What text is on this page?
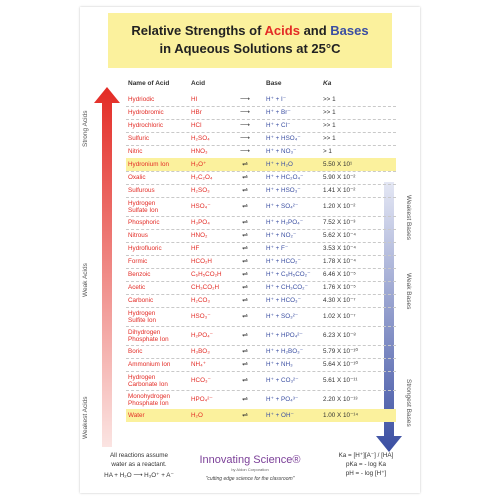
Relative Strengths of Acids and Bases
in Aqueous Solutions at 25°C
Name of Acid	Acid	Base	Ka
Strong Acids
Weak Acids
Weakest Acids
Weakest Bases
Weak Bases
Strongest Bases
All reactions assume
water as a reactant.
HA + H₂O ⟶ H₃O⁺ + A⁻
Innovating Science®
by Aldon Corporation
"cutting edge science for the classroom"
Ka = [H⁺][A⁻] / [HA]
pKa = - log Ka
pH = - log [H⁺]
Hydriodic	HI	⟶	H⁺ + I⁻	>> 1
Hydrobromic	HBr	⟶	H⁺ + Br⁻	>> 1
Hydrochloric	HCl	⟶	H⁺ + Cl⁻	>> 1
Sulfuric	H₂SO₄	⟶	H⁺ + HSO₄⁻	>> 1
Nitric	HNO₃	⟶	H⁺ + NO₃⁻	> 1
Hydronium Ion	H₃O⁺	⇌	H⁺ + H₂O	5.50 X 10¹
Oxalic	H₂C₂O₄	⇌	H⁺ + HC₂O₄⁻	5.90 X 10⁻²
Sulfurous	H₂SO₃	⇌	H⁺ + HSO₃⁻	1.41 X 10⁻²
Hydrogen
Sulfate Ion	HSO₄⁻	⇌	H⁺ + SO₄²⁻	1.20 X 10⁻²
Phosphoric	H₃PO₄	⇌	H⁺ + H₂PO₄⁻	7.52 X 10⁻³
Nitrous	HNO₂	⇌	H⁺ + NO₂⁻	5.62 X 10⁻⁴
Hydrofluoric	HF	⇌	H⁺ + F⁻	3.53 X 10⁻⁴
Formic	HCO₂H	⇌	H⁺ + HCO₂⁻	1.78 X 10⁻⁴
Benzoic	C₆H₅CO₂H	⇌	H⁺ + C₆H₅CO₂⁻	6.46 X 10⁻⁵
Acetic	CH₃CO₂H	⇌	H⁺ + CH₃CO₂⁻	1.76 X 10⁻⁵
Carbonic	H₂CO₃	⇌	H⁺ + HCO₃⁻	4.30 X 10⁻⁷
Hydrogen
Sulfite Ion	HSO₃⁻	⇌	H⁺ + SO₃²⁻	1.02 X 10⁻⁷
Dihydrogen
Phosphate Ion	H₂PO₄⁻	⇌	H⁺ + HPO₄²⁻	6.23 X 10⁻⁸
Boric	H₃BO₃	⇌	H⁺ + H₂BO₃⁻	5.79 X 10⁻¹⁰
Ammonium Ion	NH₄⁺	⇌	H⁺ + NH₃	5.64 X 10⁻¹⁰
Hydrogen
Carbonate Ion	HCO₃⁻	⇌	H⁺ + CO₃²⁻	5.61 X 10⁻¹¹
Monohydrogen
Phosphate Ion	HPO₄²⁻	⇌	H⁺ + PO₄³⁻	2.20 X 10⁻¹³
Water	H₂O	⇌	H⁺ + OH⁻	1.00 X 10⁻¹⁴
